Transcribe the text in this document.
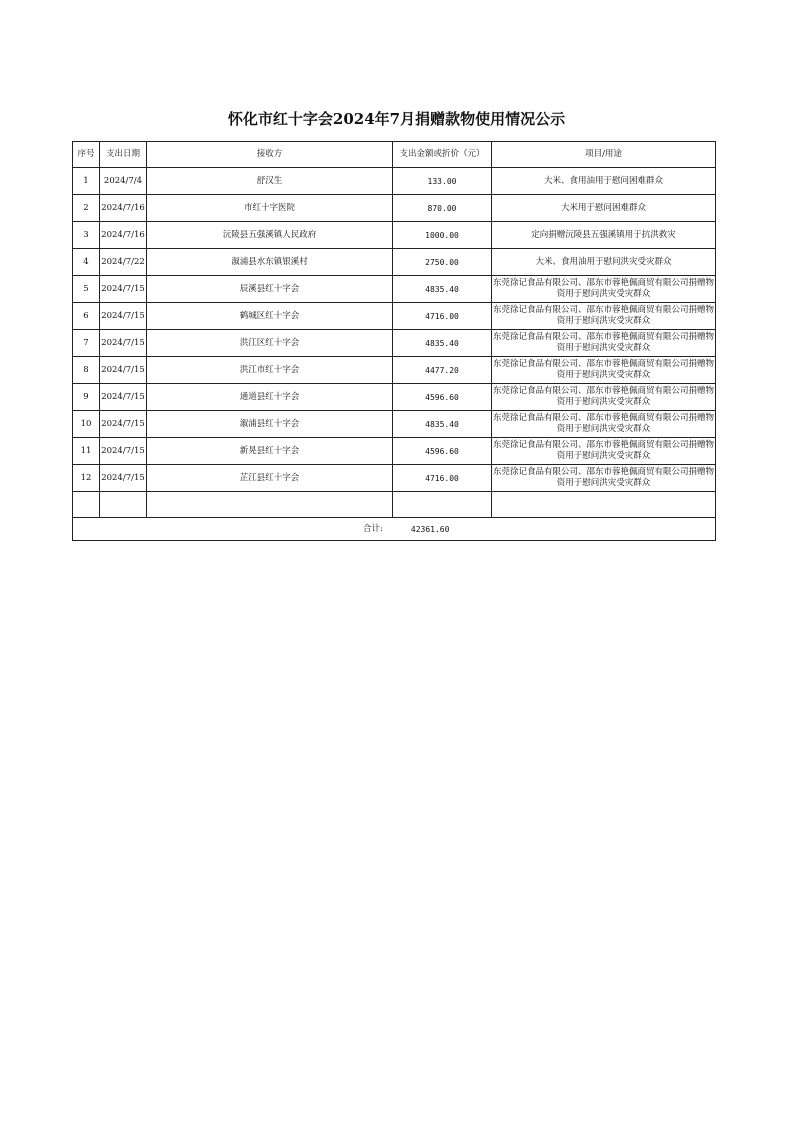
怀化市红十字会2024年7月捐赠款物使用情况公示
序号	支出日期	接收方	支出金额或折价（元）	项目/用途
1	2024/7/4	舒汉生	133.00	大米、食用油用于慰问困难群众
2	2024/7/16	市红十字医院	870.00	大米用于慰问困难群众
3	2024/7/16	沅陵县五强溪镇人民政府	1000.00	定向捐赠沅陵县五强溪镇用于抗洪救灾
4	2024/7/22	溆浦县水东镇银溪村	2750.00	大米、食用油用于慰问洪灾受灾群众
5	2024/7/15	辰溪县红十字会	4835.40	东莞徐记食品有限公司、邵东市蓉艳佩商贸有限公司捐赠物资用于慰问洪灾受灾群众
6	2024/7/15	鹤城区红十字会	4716.00	东莞徐记食品有限公司、邵东市蓉艳佩商贸有限公司捐赠物资用于慰问洪灾受灾群众
7	2024/7/15	洪江区红十字会	4835.40	东莞徐记食品有限公司、邵东市蓉艳佩商贸有限公司捐赠物资用于慰问洪灾受灾群众
8	2024/7/15	洪江市红十字会	4477.20	东莞徐记食品有限公司、邵东市蓉艳佩商贸有限公司捐赠物资用于慰问洪灾受灾群众
9	2024/7/15	通道县红十字会	4596.60	东莞徐记食品有限公司、邵东市蓉艳佩商贸有限公司捐赠物资用于慰问洪灾受灾群众
10	2024/7/15	溆浦县红十字会	4835.40	东莞徐记食品有限公司、邵东市蓉艳佩商贸有限公司捐赠物资用于慰问洪灾受灾群众
11	2024/7/15	新晃县红十字会	4596.60	东莞徐记食品有限公司、邵东市蓉艳佩商贸有限公司捐赠物资用于慰问洪灾受灾群众
12	2024/7/15	芷江县红十字会	4716.00	东莞徐记食品有限公司、邵东市蓉艳佩商贸有限公司捐赠物资用于慰问洪灾受灾群众

合计: 42361.60				
